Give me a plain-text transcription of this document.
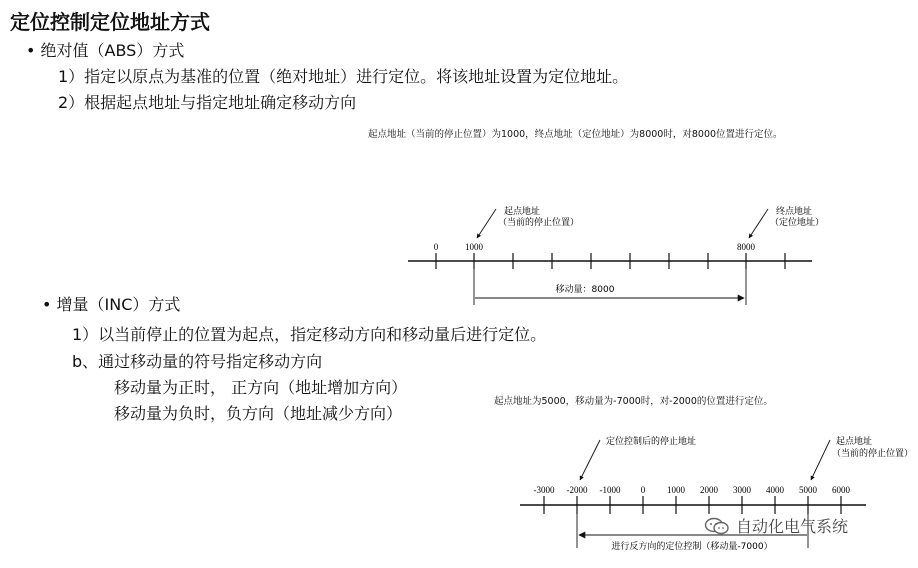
定位控制定位地址方式
• 绝对值（ABS）方式
1）指定以原点为基准的位置（绝对地址）进行定位。将该地址设置为定位地址。
2）根据起点地址与指定地址确定移动方向
起点地址（当前的停止位置）为1000，终点地址（定位地址）为8000时，对8000位置进行定位。
• 增量（INC）方式
1）以当前停止的位置为起点，指定移动方向和移动量后进行定位。
b、通过移动量的符号指定移动方向
移动量为正时， 正方向（地址增加方向）
移动量为负时，负方向（地址减少方向）
起点地址为5000，移动量为-7000时，对-2000的位置进行定位。
0	1000	8000
起点地址
（当前的停止位置）
终点地址
（定位地址）
移动量：8000
-3000 -2000 -1000 0 1000 2000 3000 4000 5000 6000
定位控制后的停止地址	起点地址
（当前的停止位置）
进行反方向的定位控制（移动量-7000）
自动化电气系统
